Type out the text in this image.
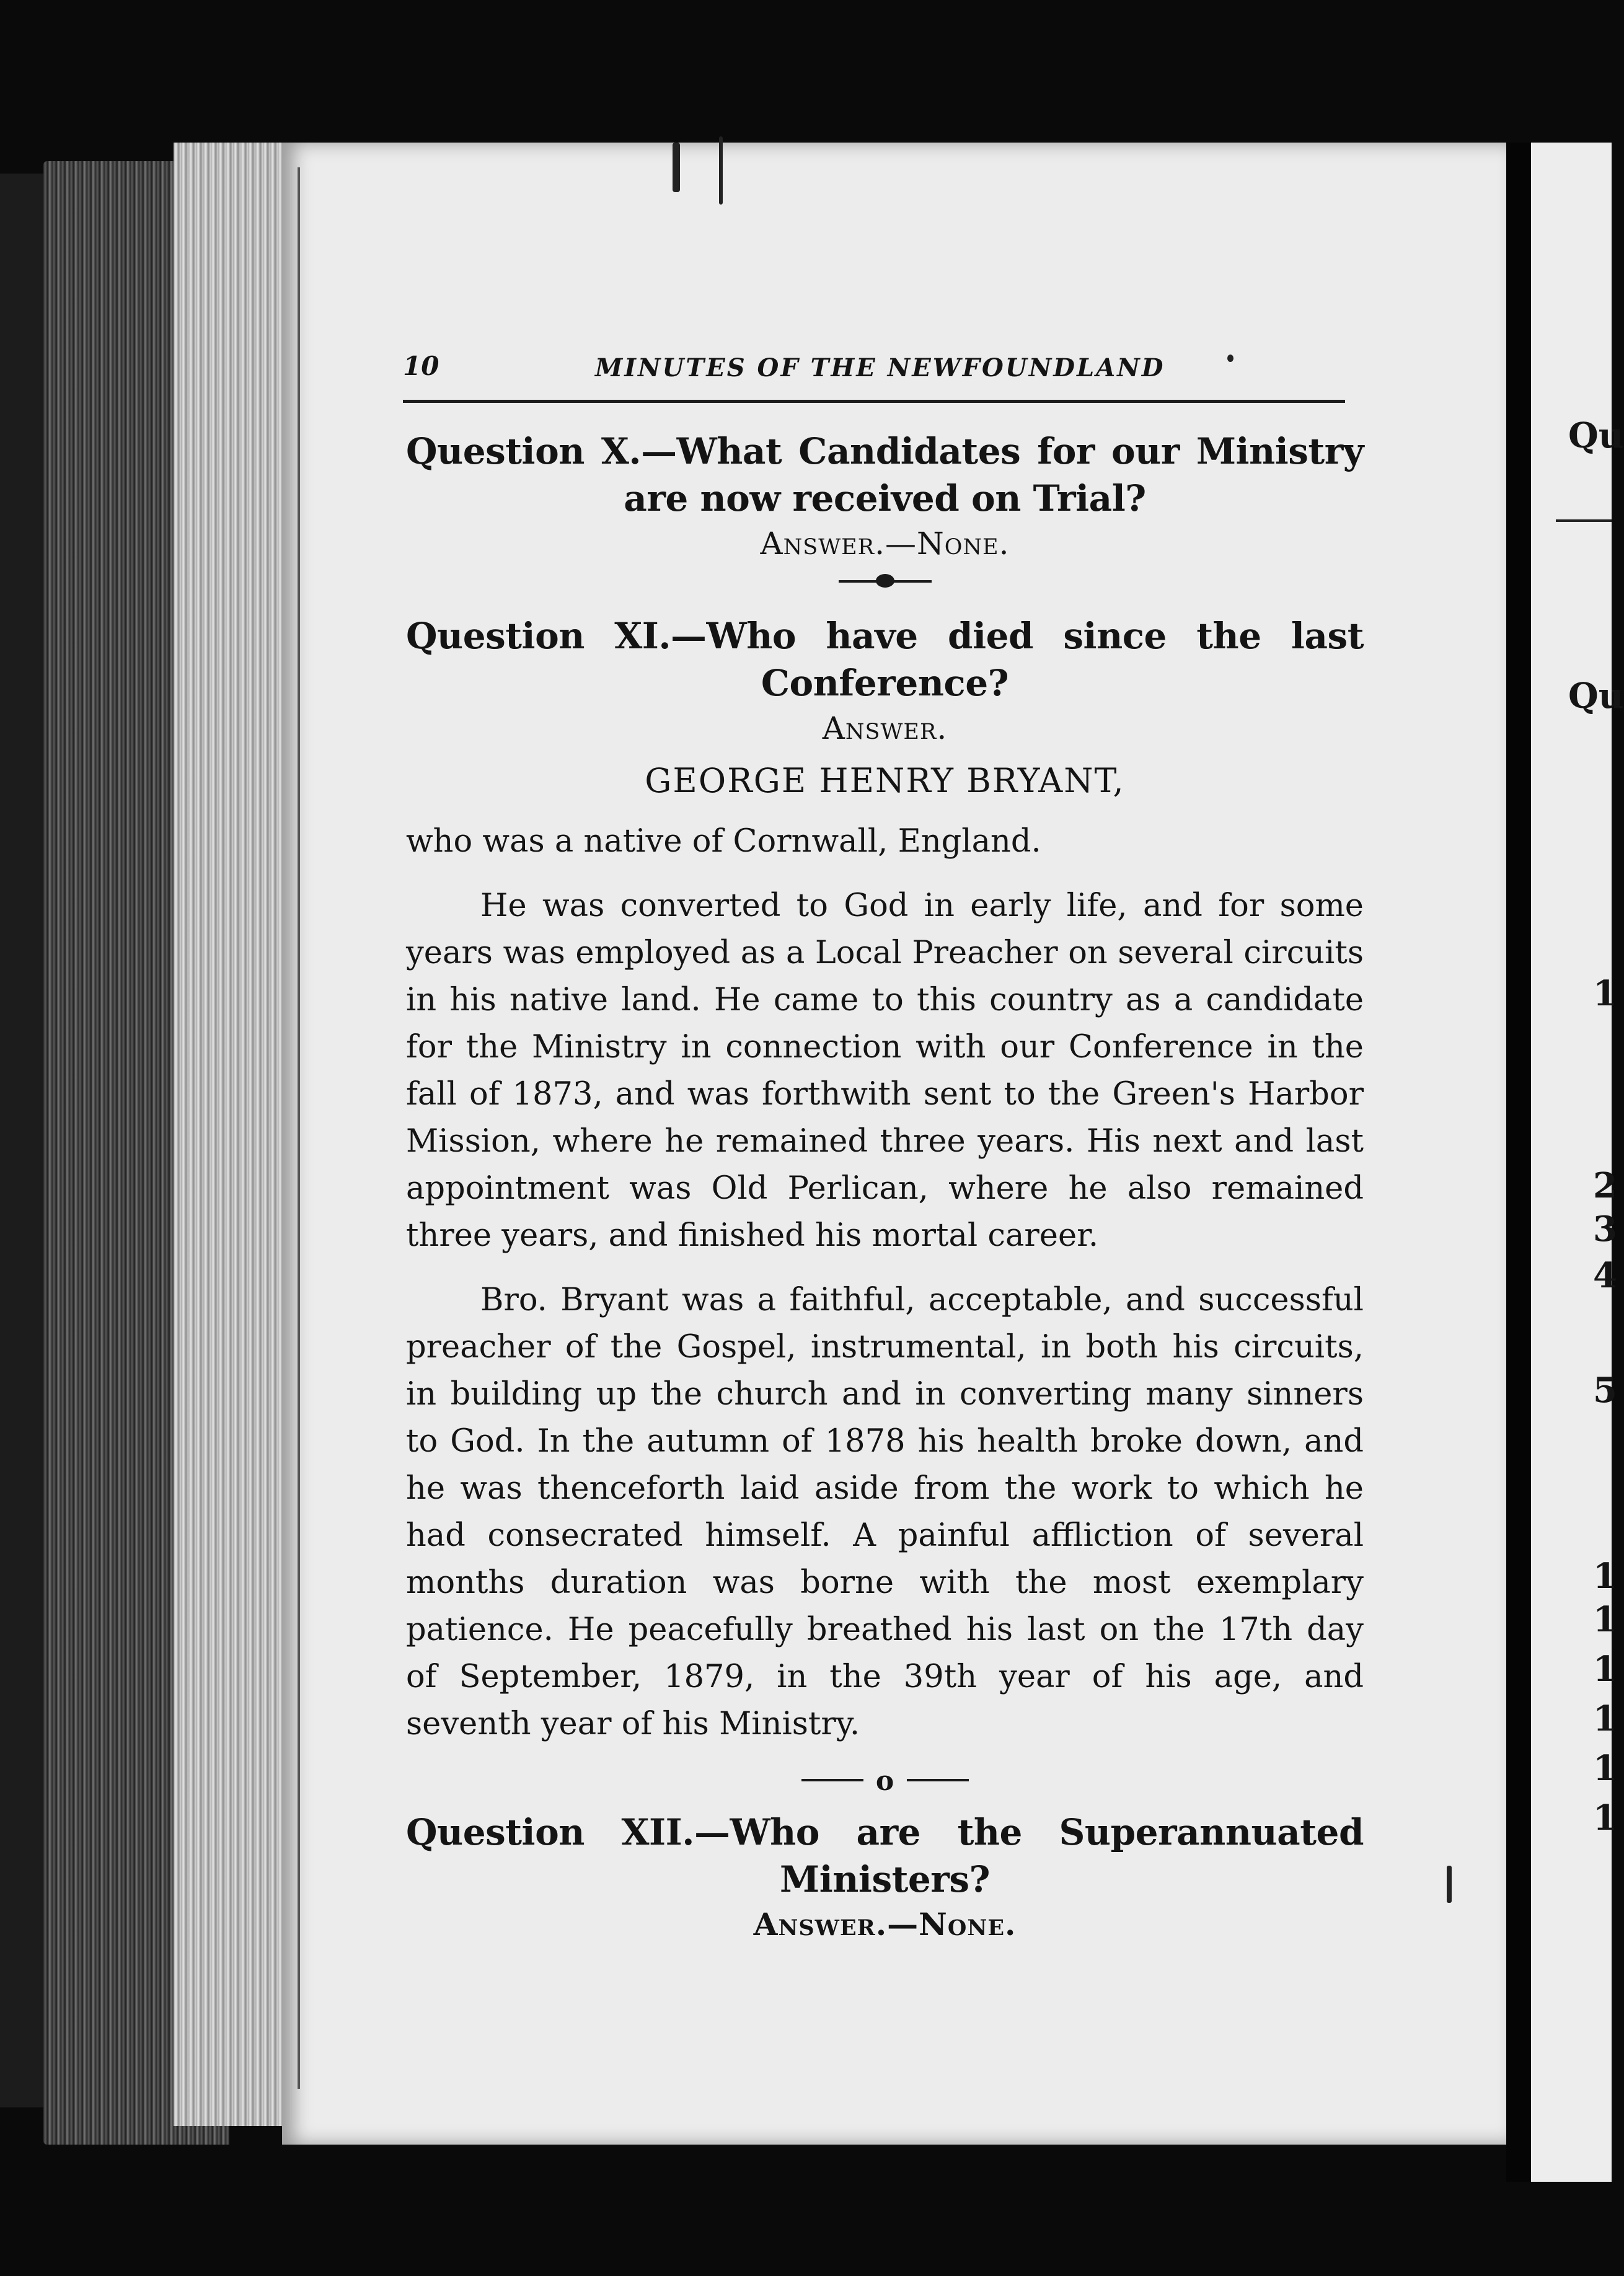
Qu
Qu
1
2
3
4
5
1
1
1
1
1
1
10	MINUTES OF THE NEWFOUNDLAND

Question X.—What Candidates for our Ministry are now received on Trial?

Answer.—None.

Question XI.—Who have died since the last Conference?

Answer.

GEORGE HENRY BRYANT,

who was a native of Cornwall, England.

He was converted to God in early life, and for some years was employed as a Local Preacher on several circuits in his native land. He came to this country as a candidate for the Ministry in connection with our Conference in the fall of 1873, and was forthwith sent to the Green's Harbor Mission, where he remained three years. His next and last appointment was Old Perlican, where he also remained three years, and finished his mortal career.

Bro. Bryant was a faithful, acceptable, and successful preacher of the Gospel, instrumental, in both his circuits, in building up the church and in converting many sinners to God. In the autumn of 1878 his health broke down, and he was thenceforth laid aside from the work to which he had consecrated himself. A painful affliction of several months duration was borne with the most exemplary patience. He peacefully breathed his last on the 17th day of September, 1879, in the 39th year of his age, and seventh year of his Ministry.

o

Question XII.—Who are the Superannuated Ministers?

Answer.—None.
